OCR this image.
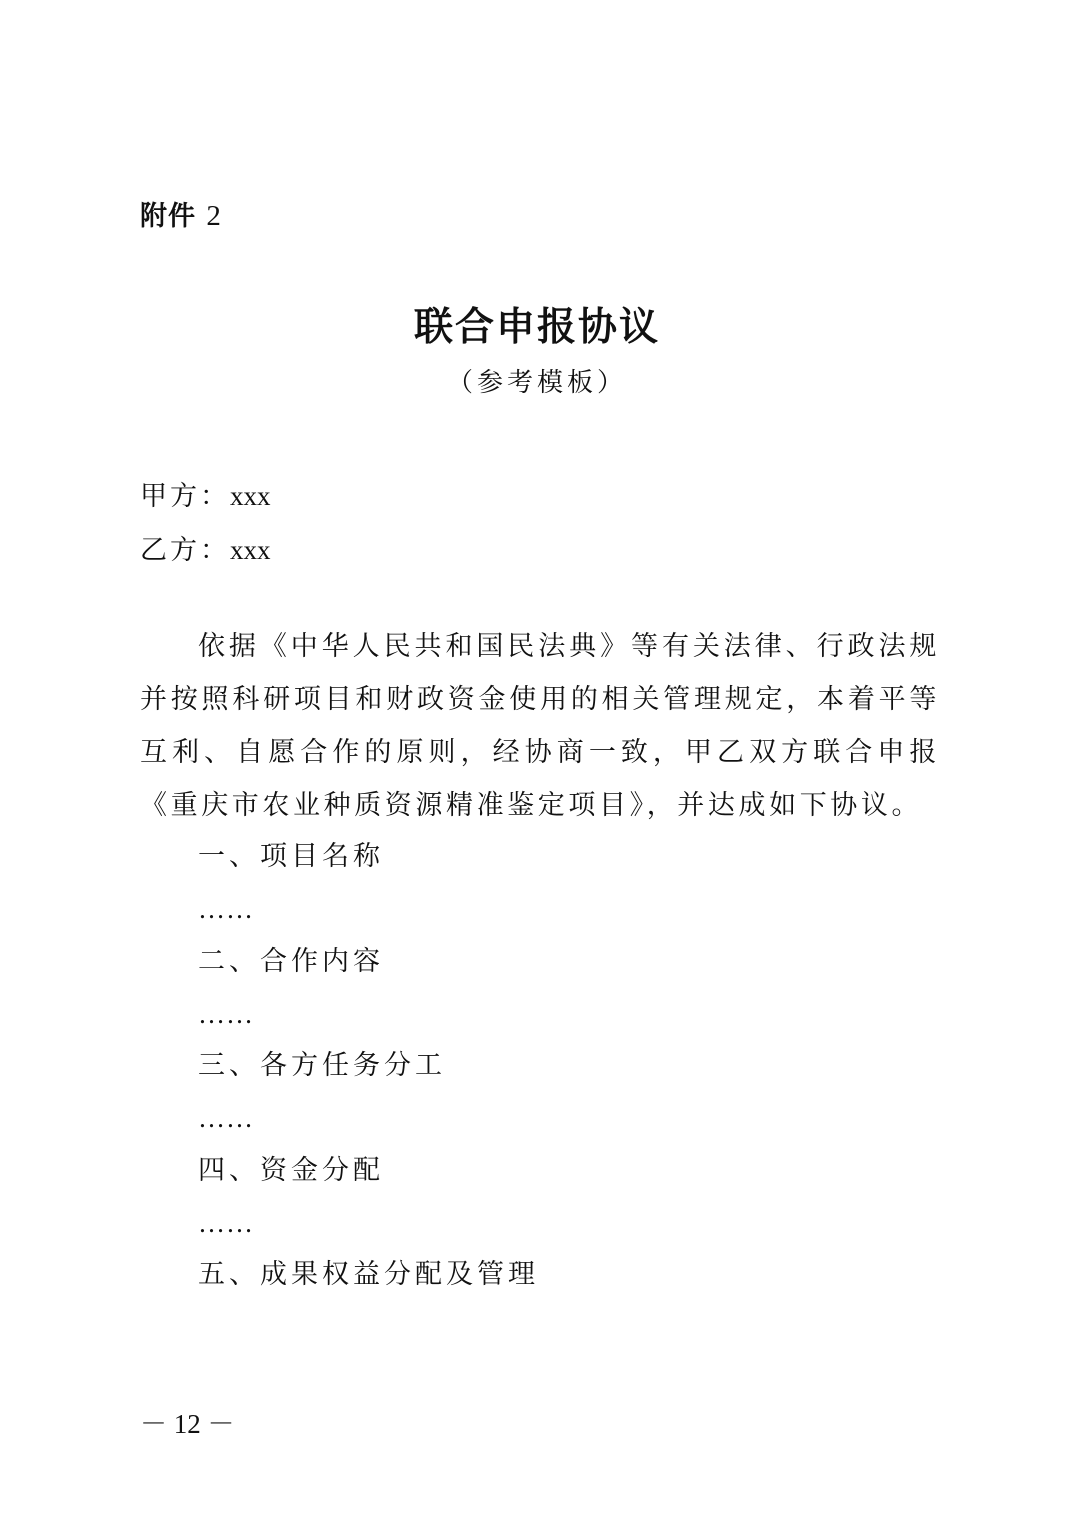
附件 2
联合申报协议
（参考模板）
甲方：xxx
乙方：xxx
依据《中华人民共和国民法典》等有关法律、行政法规并按照科研项目和财政资金使用的相关管理规定，本着平等互利、自愿合作的原则，经协商一致，甲乙双方联合申报《重庆市农业种质资源精准鉴定项目》，并达成如下协议。
一、项目名称
……
二、合作内容
……
三、各方任务分工
……
四、资金分配
……
五、成果权益分配及管理
－ 12 －
